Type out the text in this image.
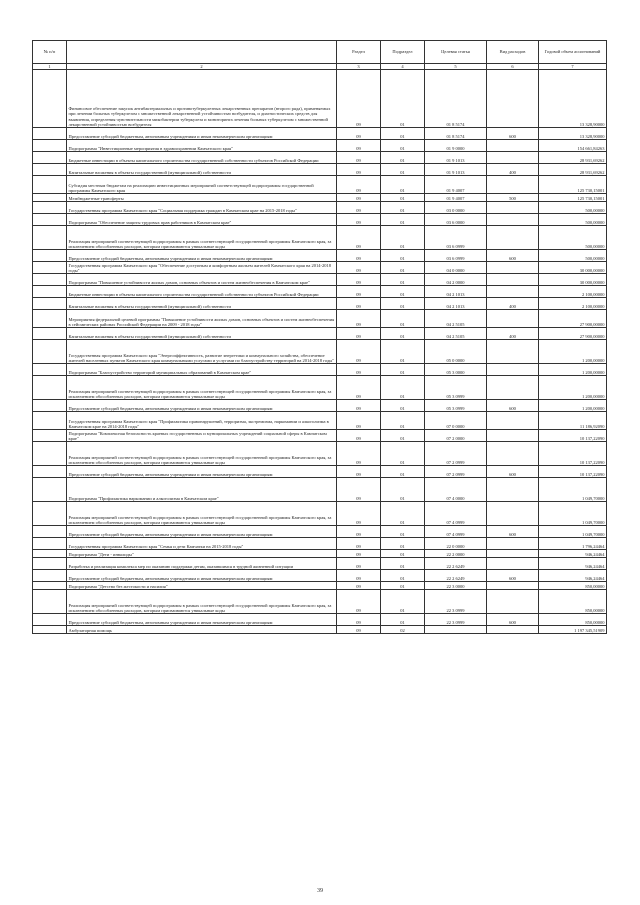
№ п/п		Раздел	Подраздел	Целевая статья	Вид расходов	Годовой объем ассигнований
1	2	3	4	5	6	7
	Финансовое обеспечение закупок антибактериальных и противотуберкулезных лекарственных препаратов (второго ряда), применяемых при лечении больных туберкулезом с множественной лекарственной устойчивостью возбудителя, и диагностических средств для выявления, определения чувствительности микобактерии туберкулеза и мониторинга лечения больных туберкулезом с множественной лекарственной устойчивостью возбудителя	09	01	01 8 5174		13 328,90000
	Предоставление субсидий бюджетным, автономным учреждениям и иным некоммерческим организациям	09	01	01 8 5174	600	13 328,90000
	Подпрограмма "Инвестиционные мероприятия в здравоохранении Камчатского края"	09	01	01 9 0000		154 661,84263
	Бюджетные инвестиции в объекты капитального строительства государственной собственности субъектов Российской Федерации	09	01	01 9 1013		28 931,69262
	Капитальные вложения в объекты государственной (муниципальной) собственности	09	01	01 9 1013	400	28 931,69262
	Субсидия местным бюджетам на реализацию инвестиционных мероприятий соответствующей подпрограммы государственной программы Камчатского края	09	01	01 9 4007		125 730,15001
	Межбюджетные трансферты	09	01	01 9 4007	500	125 730,15001
	Государственная программа Камчатского края "Социальная поддержка граждан в Камчатском крае на 2015-2018 годы"	09	01	03 0 0000		500,00000
	Подпрограмма "Обеспечение защиты трудовых прав работников в Камчатском крае"	09	01	03 6 0000		500,00000
	Реализация мероприятий соответствующей подпрограммы в рамках соответствующей государственной программы Камчатского края, за исключением обособленных расходов, которым присваиваются уникальные коды	09	01	03 6 0999		500,00000
	Предоставление субсидий бюджетным, автономным учреждениям и иным некоммерческим организациям	09	01	03 6 0999	600	500,00000
	Государственная программа Камчатского края "Обеспечение доступным и комфортным жильем жителей Камчатского края на 2014-2018 годы"	09	01	04 0 0000		30 000,00000
	Подпрограмма "Повышение устойчивости жилых домов, основных объектов и систем жизнеобеспечения в Камчатском крае"	09	01	04 2 0000		30 000,00000
	Бюджетные инвестиции в объекты капитального строительства государственной собственности субъектов Российской Федерации	09	01	04 2 1013		2 100,00000
	Капитальные вложения в объекты государственной (муниципальной) собственности	09	01	04 2 1013	400	2 100,00000
	Мероприятия федеральной целевой программы "Повышение устойчивости жилых домов, основных объектов и систем жизнеобеспечения в сейсмических районах Российской Федерации на 2009 - 2018 годы"	09	01	04 2 5105		27 900,00000
	Капитальные вложения в объекты государственной (муниципальной) собственности	09	01	04 2 5105	400	27 900,00000
	Государственная программа Камчатского края "Энергоэффективность, развитие энергетики и коммунального хозяйства, обеспечение жителей населенных пунктов Камчатского края коммунальными услугами и услугами по благоустройству территорий на 2014-2018 годы"	09	01	05 0 0000		1 200,00000
	Подпрограмма "Благоустройство территорий муниципальных образований в Камчатском крае"	09	01	05 3 0000		1 200,00000
	Реализация мероприятий соответствующей подпрограммы в рамках соответствующей государственной программы Камчатского края, за исключением обособленных расходов, которым присваиваются уникальные коды	09	01	05 3 0999		1 200,00000
	Предоставление субсидий бюджетным, автономным учреждениям и иным некоммерческим организациям	09	01	05 3 0999	600	1 200,00000
	Государственная программа Камчатского края "Профилактика правонарушений, терроризма, экстремизма, наркомании и алкоголизма в Камчатском крае на 2014-2018 годы"	09	01	07 0 0000		11 186,92090
	Подпрограмма "Комплексная безопасность краевых государственных и муниципальных учреждений социальной сферы в Камчатском крае"	09	01	07 2 0000		10 137,22090
	Реализация мероприятий соответствующей подпрограммы в рамках соответствующей государственной программы Камчатского края, за исключением обособленных расходов, которым присваиваются уникальные коды	09	01	07 2 0999		10 137,22090
	Предоставление субсидий бюджетным, автономным учреждениям и иным некоммерческим организациям	09	01	07 2 0999	600	10 137,22090
	Подпрограмма "Профилактика наркомании и алкоголизма в Камчатском крае"	09	01	07 4 0000		1 049,70000
	Реализация мероприятий соответствующей подпрограммы в рамках соответствующей государственной программы Камчатского края, за исключением обособленных расходов, которым присваиваются уникальные коды	09	01	07 4 0999		1 049,70000
	Предоставление субсидий бюджетным, автономным учреждениям и иным некоммерческим организациям	09	01	07 4 0999	600	1 049,70000
	Государственная программа Камчатского края "Семья и дети Камчатки на 2015-2018 годы"	09	01	22 0 0000		1 796,24464
	Подпрограмма "Дети - инвалиды"	09	01	22 2 0000		946,24464
	Разработка и реализация комплекса мер по оказанию поддержки детям, оказавшимся в трудной жизненной ситуации	09	01	22 2 6249		946,24464
	Предоставление субсидий бюджетным, автономным учреждениям и иным некоммерческим организациям	09	01	22 2 6249	600	946,24464
	Подпрограмма "Детство без жестокости и насилия"	09	01	22 3 0000		850,00000
	Реализация мероприятий соответствующей подпрограммы в рамках соответствующей государственной программы Камчатского края, за исключением обособленных расходов, которым присваиваются уникальные коды	09	01	22 3 0999		850,00000
	Предоставление субсидий бюджетным, автономным учреждениям и иным некоммерческим организациям	09	01	22 3 0999	600	850,00000
	Амбулаторная помощь	09	02			1 197 345,51909
39
